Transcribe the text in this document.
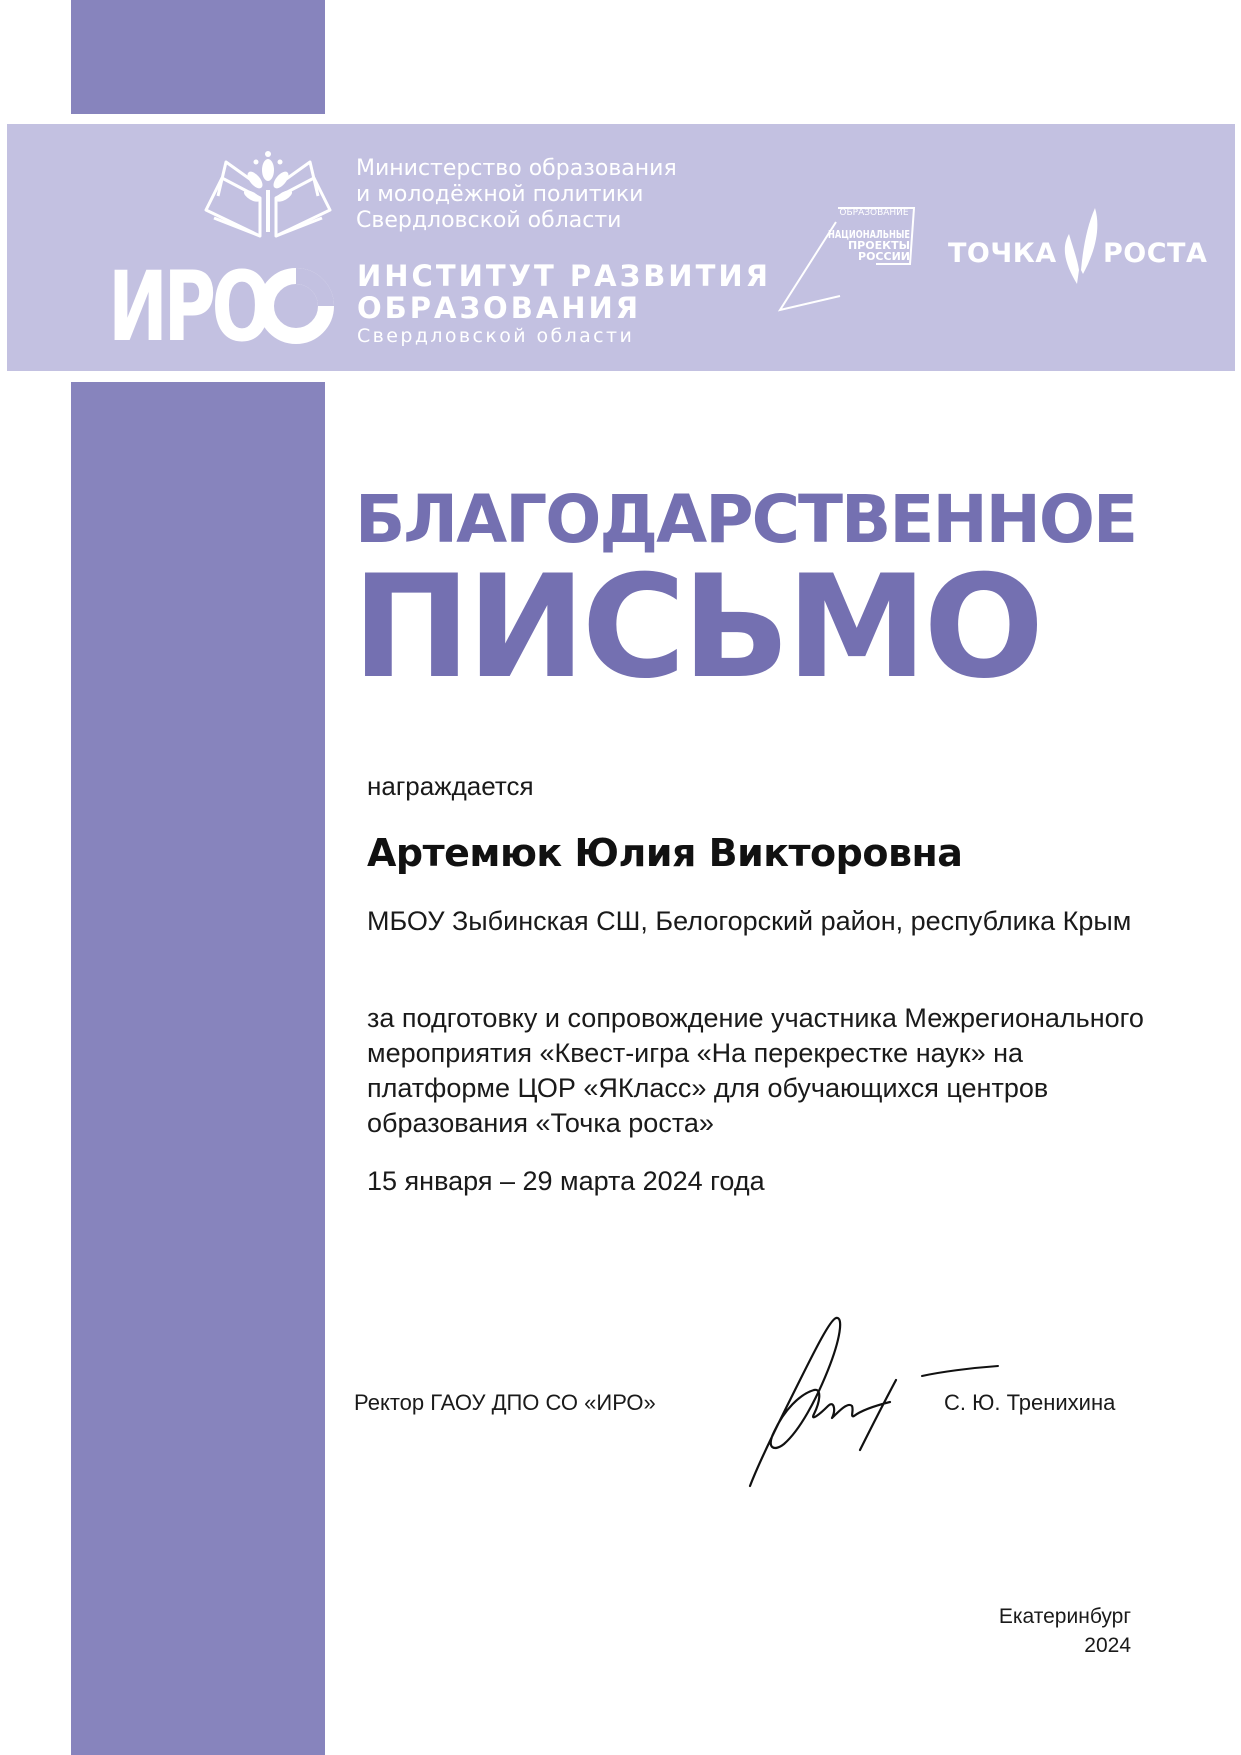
Министерство образования
и молодёжной политики
Свердловской области
ИРО	ИНСТИТУТ РАЗВИТИЯ
ОБРАЗОВАНИЯ
Свердловской области
ОБРАЗОВАНИЕ
НАЦИОНАЛЬНЫЕ
ПРОЕКТЫ
РОССИИ ТОЧКА РОСТА
БЛАГОДАРСТВЕННОЕ
ПИСЬМО
награждается
Артемюк Юлия Викторовна
МБОУ Зыбинская СШ, Белогорский район, республика Крым
за подготовку и сопровождение участника Межрегионального мероприятия «Квест-игра «На перекрестке наук» на платформе ЦОР «ЯКласс» для обучающихся центров образования «Точка роста»
15 января – 29 марта 2024 года
Ректор ГАОУ ДПО СО «ИРО»	С. Ю. Тренихина
Екатеринбург
2024
